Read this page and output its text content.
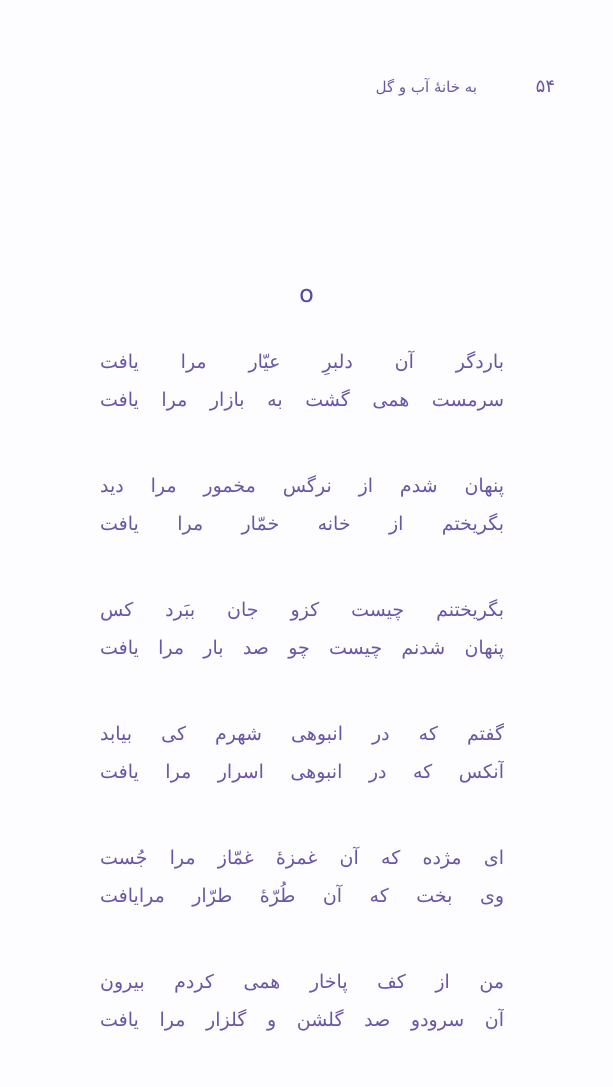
۵۴
به خانهٔ آب و گل
o
باردگر آن دلبرِ عیّار مرا یافت
سرمست همی گشت به بازار مرا یافت
پنهان شدم از نرگس مخمور مرا دید
بگریختم از خانه خمّار مرا یافت
بگریختنم چیست کزو جان ببَرد کس
پنهان شدنم چیست چو صد بار مرا یافت
گفتم که در انبوهی شهرم کی بیابد
آنکس که در انبوهی اسرار مرا یافت
ای مژده که آن غمزهٔ غمّاز مرا جُست
وی بخت که آن طُرّهٔ طرّار مرایافت
من از کف پاخار همی کردم بیرون
آن سرودو صد گلشن و گلزار مرا یافت
